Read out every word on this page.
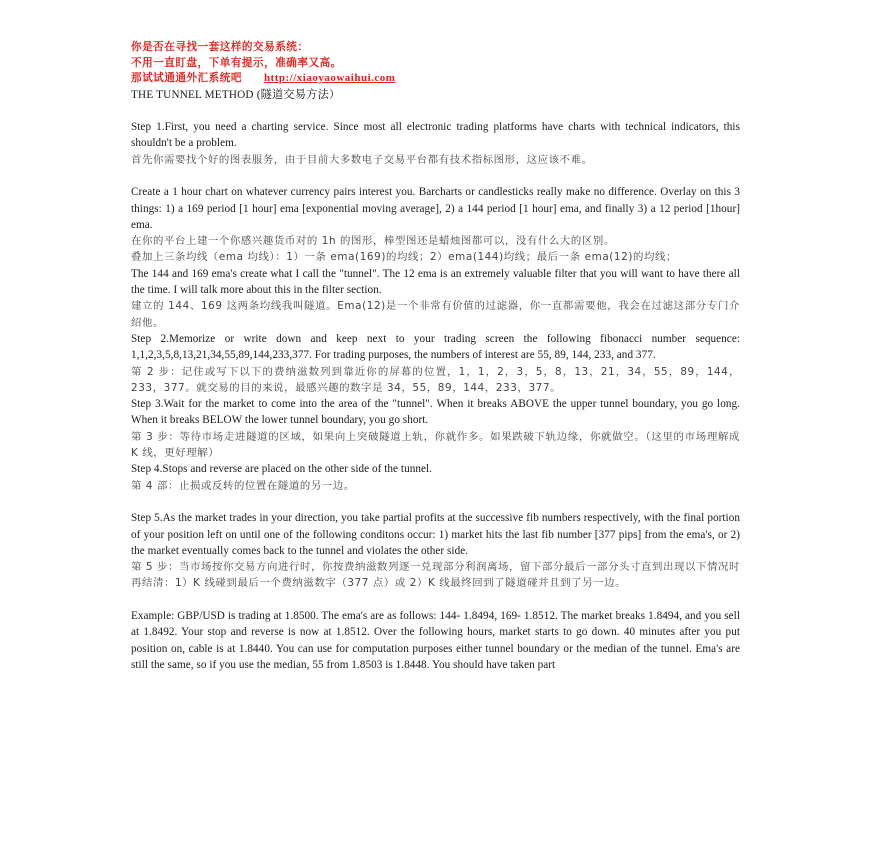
你是否在寻找一套这样的交易系统：
不用一直盯盘，下单有提示，准确率又高。
那试试通通外汇系统吧 http://xiaoyaowaihui.com
THE TUNNEL METHOD (隧道交易方法）

Step 1.First, you need a charting service. Since most all electronic trading platforms have charts with technical indicators, this shouldn't be a problem.

首先你需要找个好的图表服务，由于目前大多数电子交易平台都有技术指标图形，这应该不难。

Create a 1 hour chart on whatever currency pairs interest you. Barcharts or candlesticks really make no difference. Overlay on this 3 things: 1) a 169 period [1 hour] ema [exponential moving average], 2) a 144 period [1 hour] ema, and finally 3) a 12 period [1hour] ema.

在你的平台上建一个你感兴趣货币对的 1h 的图形，棒型图还是蜡烛图都可以，没有什么大的区别。

叠加上三条均线（ema 均线）：1）一条 ema(169)的均线；2）ema(144)均线；最后一条 ema(12)的均线；

The 144 and 169 ema's create what I call the "tunnel". The 12 ema is an extremely valuable filter that you will want to have there all the time. I will talk more about this in the filter section.

建立的 144、169 这两条均线我叫隧道。Ema(12)是一个非常有价值的过滤器，你一直都需要他，我会在过滤这部分专门介绍他。

Step 2.Memorize or write down and keep next to your trading screen the following fibonacci number sequence: 1,1,2,3,5,8,13,21,34,55,89,144,233,377. For trading purposes, the numbers of interest are 55, 89, 144, 233, and 377.

第 2 步：记住或写下以下的费纳滋数列到靠近你的屏幕的位置，1，1，2，3，5，8，13，21，34，55，89，144，233，377。就交易的目的来说，最感兴趣的数字是 34，55，89，144，233，377。

Step 3.Wait for the market to come into the area of the "tunnel". When it breaks ABOVE the upper tunnel boundary, you go long. When it breaks BELOW the lower tunnel boundary, you go short.

第 3 步：等待市场走进隧道的区域，如果向上突破隧道上轨，你就作多。如果跌破下轨边缘，你就做空。（这里的市场理解成 K 线，更好理解）

Step 4.Stops and reverse are placed on the other side of the tunnel.

第 4 部：止损或反转的位置在隧道的另一边。

Step 5.As the market trades in your direction, you take partial profits at the successive fib numbers respectively, with the final portion of your position left on until one of the following conditons occur: 1) market hits the last fib number [377 pips] from the ema's, or 2) the market eventually comes back to the tunnel and violates the other side.

第 5 步：当市场按你交易方向进行时，你按费纳滋数列逐一兑现部分利润离场，留下部分最后一部分头寸直到出现以下情况时再结清：1）K 线碰到最后一个费纳滋数字（377 点）或 2）K 线最终回到了隧道碰并且到了另一边。

Example: GBP/USD is trading at 1.8500. The ema's are as follows: 144- 1.8494, 169- 1.8512. The market breaks 1.8494, and you sell at 1.8492. Your stop and reverse is now at 1.8512. Over the following hours, market starts to go down. 40 minutes after you put position on, cable is at 1.8440. You can use for computation purposes either tunnel boundary or the median of the tunnel. Ema's are still the same, so if you use the median, 55 from 1.8503 is 1.8448. You should have taken part
